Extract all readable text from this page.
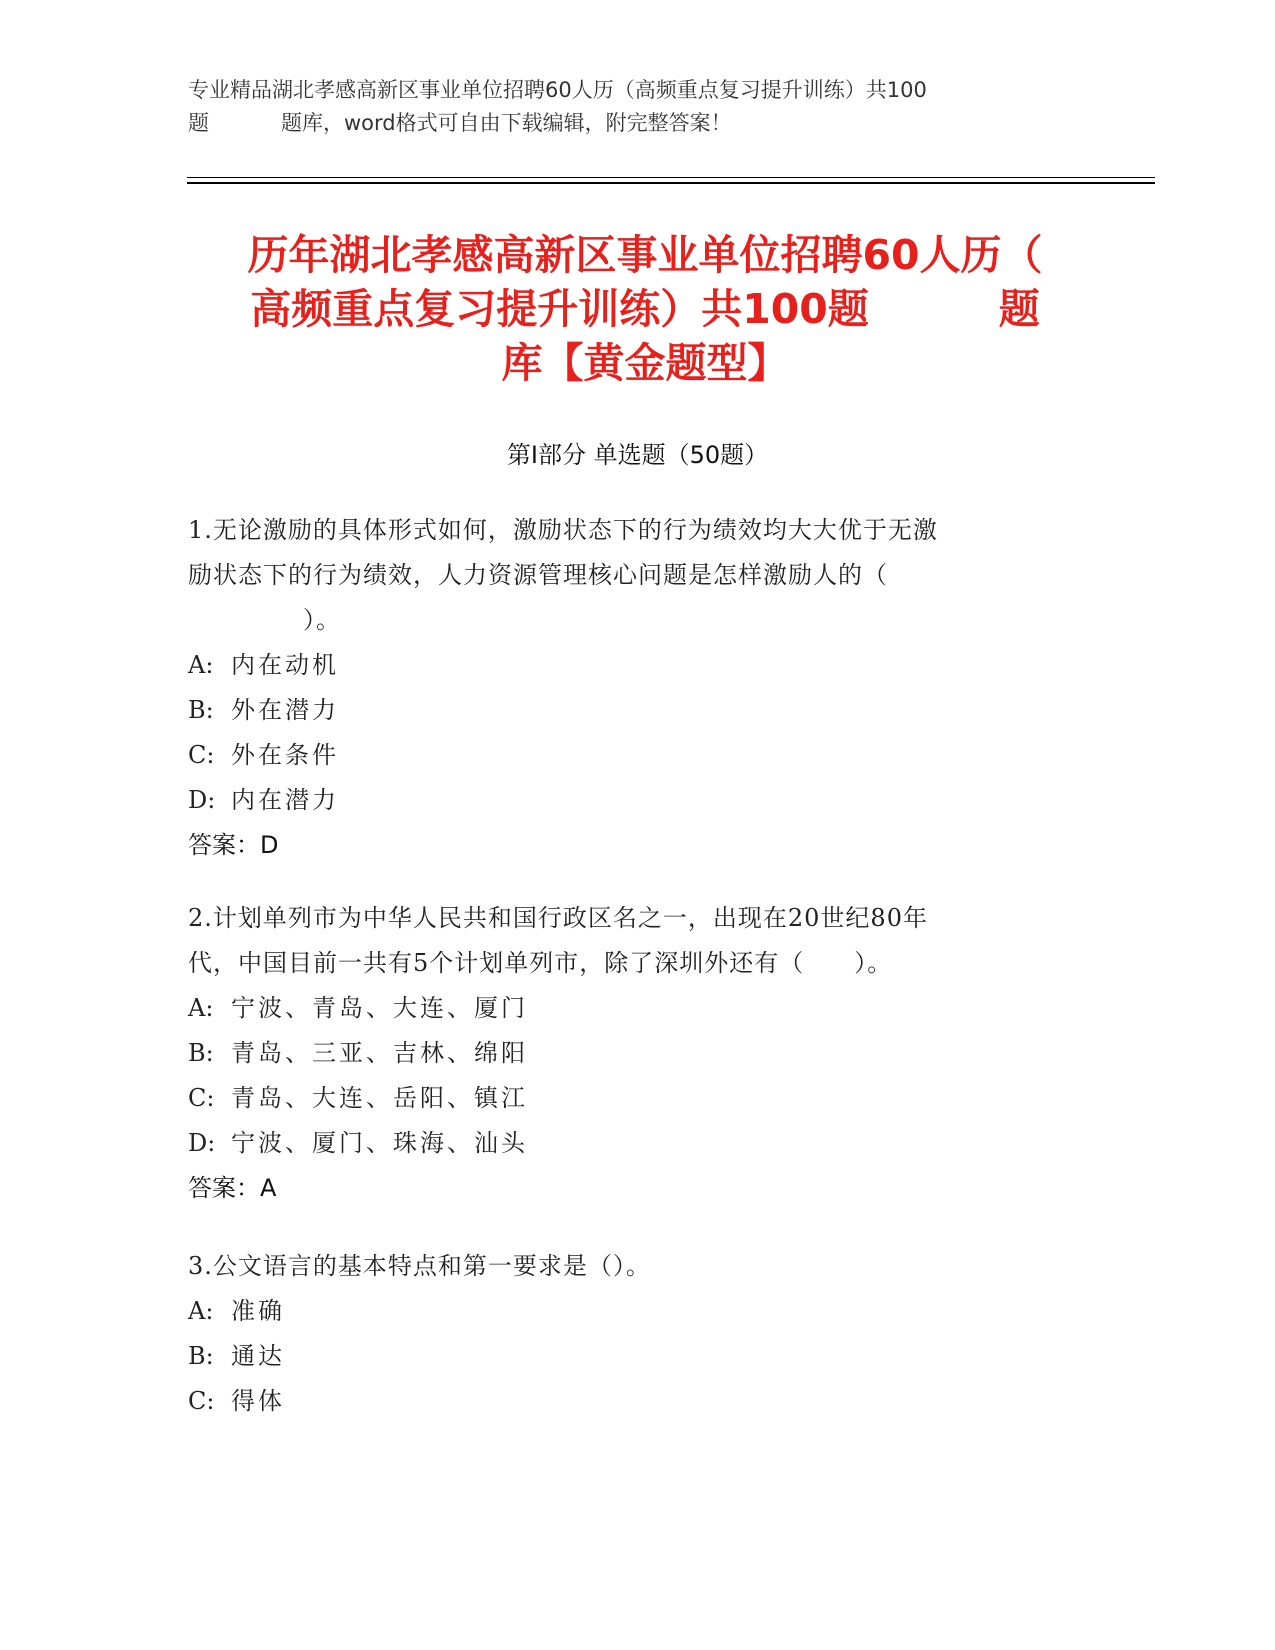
专业精品湖北孝感高新区事业单位招聘60人历（高频重点复习提升训练）共100
题	题库，word格式可自由下载编辑，附完整答案！
历年湖北孝感高新区事业单位招聘60人历（
高频重点复习提升训练）共100题	题
库【黄金题型】
第Ⅰ部分 单选题（50题）
1.无论激励的具体形式如何，激励状态下的行为绩效均大大优于无激
励状态下的行为绩效，人力资源管理核心问题是怎样激励人的（
）。
A: 内在动机
B: 外在潜力
C: 外在条件
D: 内在潜力
答案：D
2.计划单列市为中华人民共和国行政区名之一，出现在20世纪80年
代，中国目前一共有5个计划单列市，除了深圳外还有（　　）。
A: 宁波、青岛、大连、厦门
B: 青岛、三亚、吉林、绵阳
C: 青岛、大连、岳阳、镇江
D: 宁波、厦门、珠海、汕头
答案：A
3.公文语言的基本特点和第一要求是（）。
A: 准确
B: 通达
C: 得体
